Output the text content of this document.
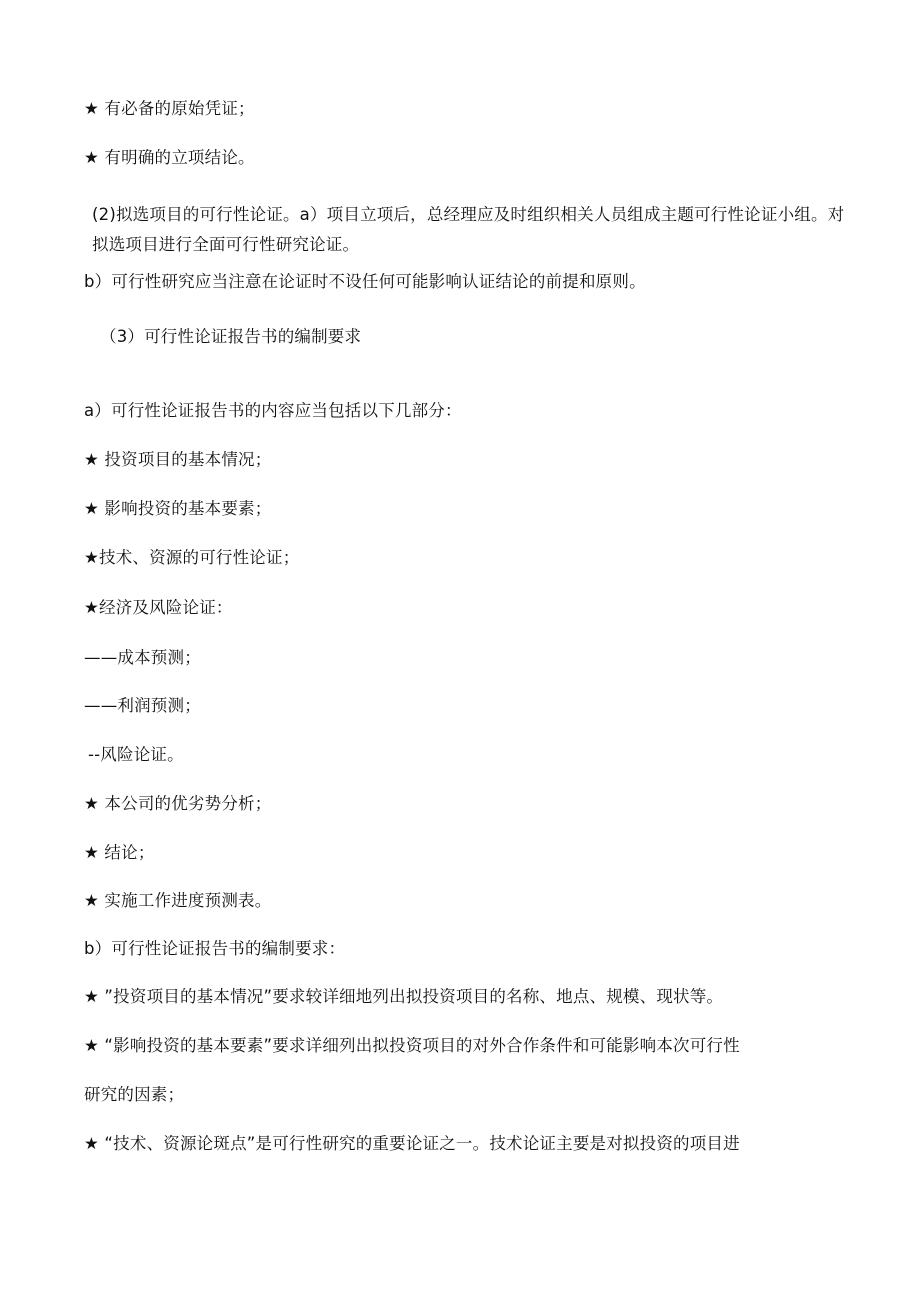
★ 有必备的原始凭证；
★ 有明确的立项结论。
(2)拟选项目的可行性论证。a）项目立项后，总经理应及时组织相关人员组成主题可行性论证小组。对拟选项目进行全面可行性研究论证。
b）可行性研究应当注意在论证时不设任何可能影响认证结论的前提和原则。
（3）可行性论证报告书的编制要求
a）可行性论证报告书的内容应当包括以下几部分：
★ 投资项目的基本情况；
★ 影响投资的基本要素；
★技术、资源的可行性论证；
★经济及风险论证：
——成本预测；
——利润预测；
--风险论证。
★ 本公司的优劣势分析；
★ 结论；
★ 实施工作进度预测表。
b）可行性论证报告书的编制要求：
★ ”投资项目的基本情况”要求较详细地列出拟投资项目的名称、地点、规模、现状等。
★ “影响投资的基本要素”要求详细列出拟投资项目的对外合作条件和可能影响本次可行性
研究的因素；
★ “技术、资源论斑点”是可行性研究的重要论证之一。技术论证主要是对拟投资的项目进
